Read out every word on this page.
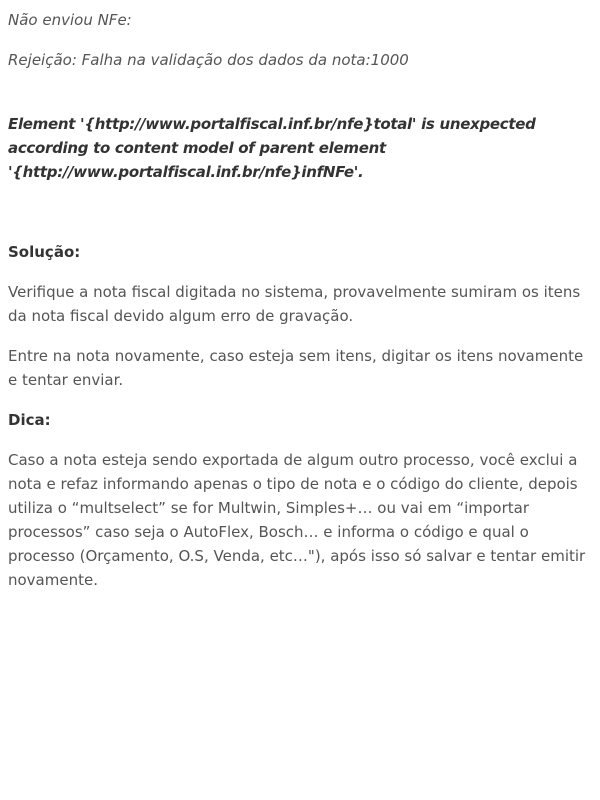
Não enviou NFe:

Rejeição: Falha na validação dos dados da nota:1000

Element '{http://www.portalfiscal.inf.br/nfe}total' is unexpected according to content model of parent element '{http://www.portalfiscal.inf.br/nfe}infNFe'.

Solução:

Verifique a nota fiscal digitada no sistema, provavelmente sumiram os itens da nota fiscal devido algum erro de gravação.

Entre na nota novamente, caso esteja sem itens, digitar os itens novamente e tentar enviar.

Dica:

Caso a nota esteja sendo exportada de algum outro processo, você exclui a nota e refaz informando apenas o tipo de nota e o código do cliente, depois utiliza o “multselect” se for Multwin, Simples+… ou vai em “importar processos” caso seja o AutoFlex, Bosch… e informa o código e qual o processo (Orçamento, O.S, Venda, etc…"), após isso só salvar e tentar emitir novamente.
